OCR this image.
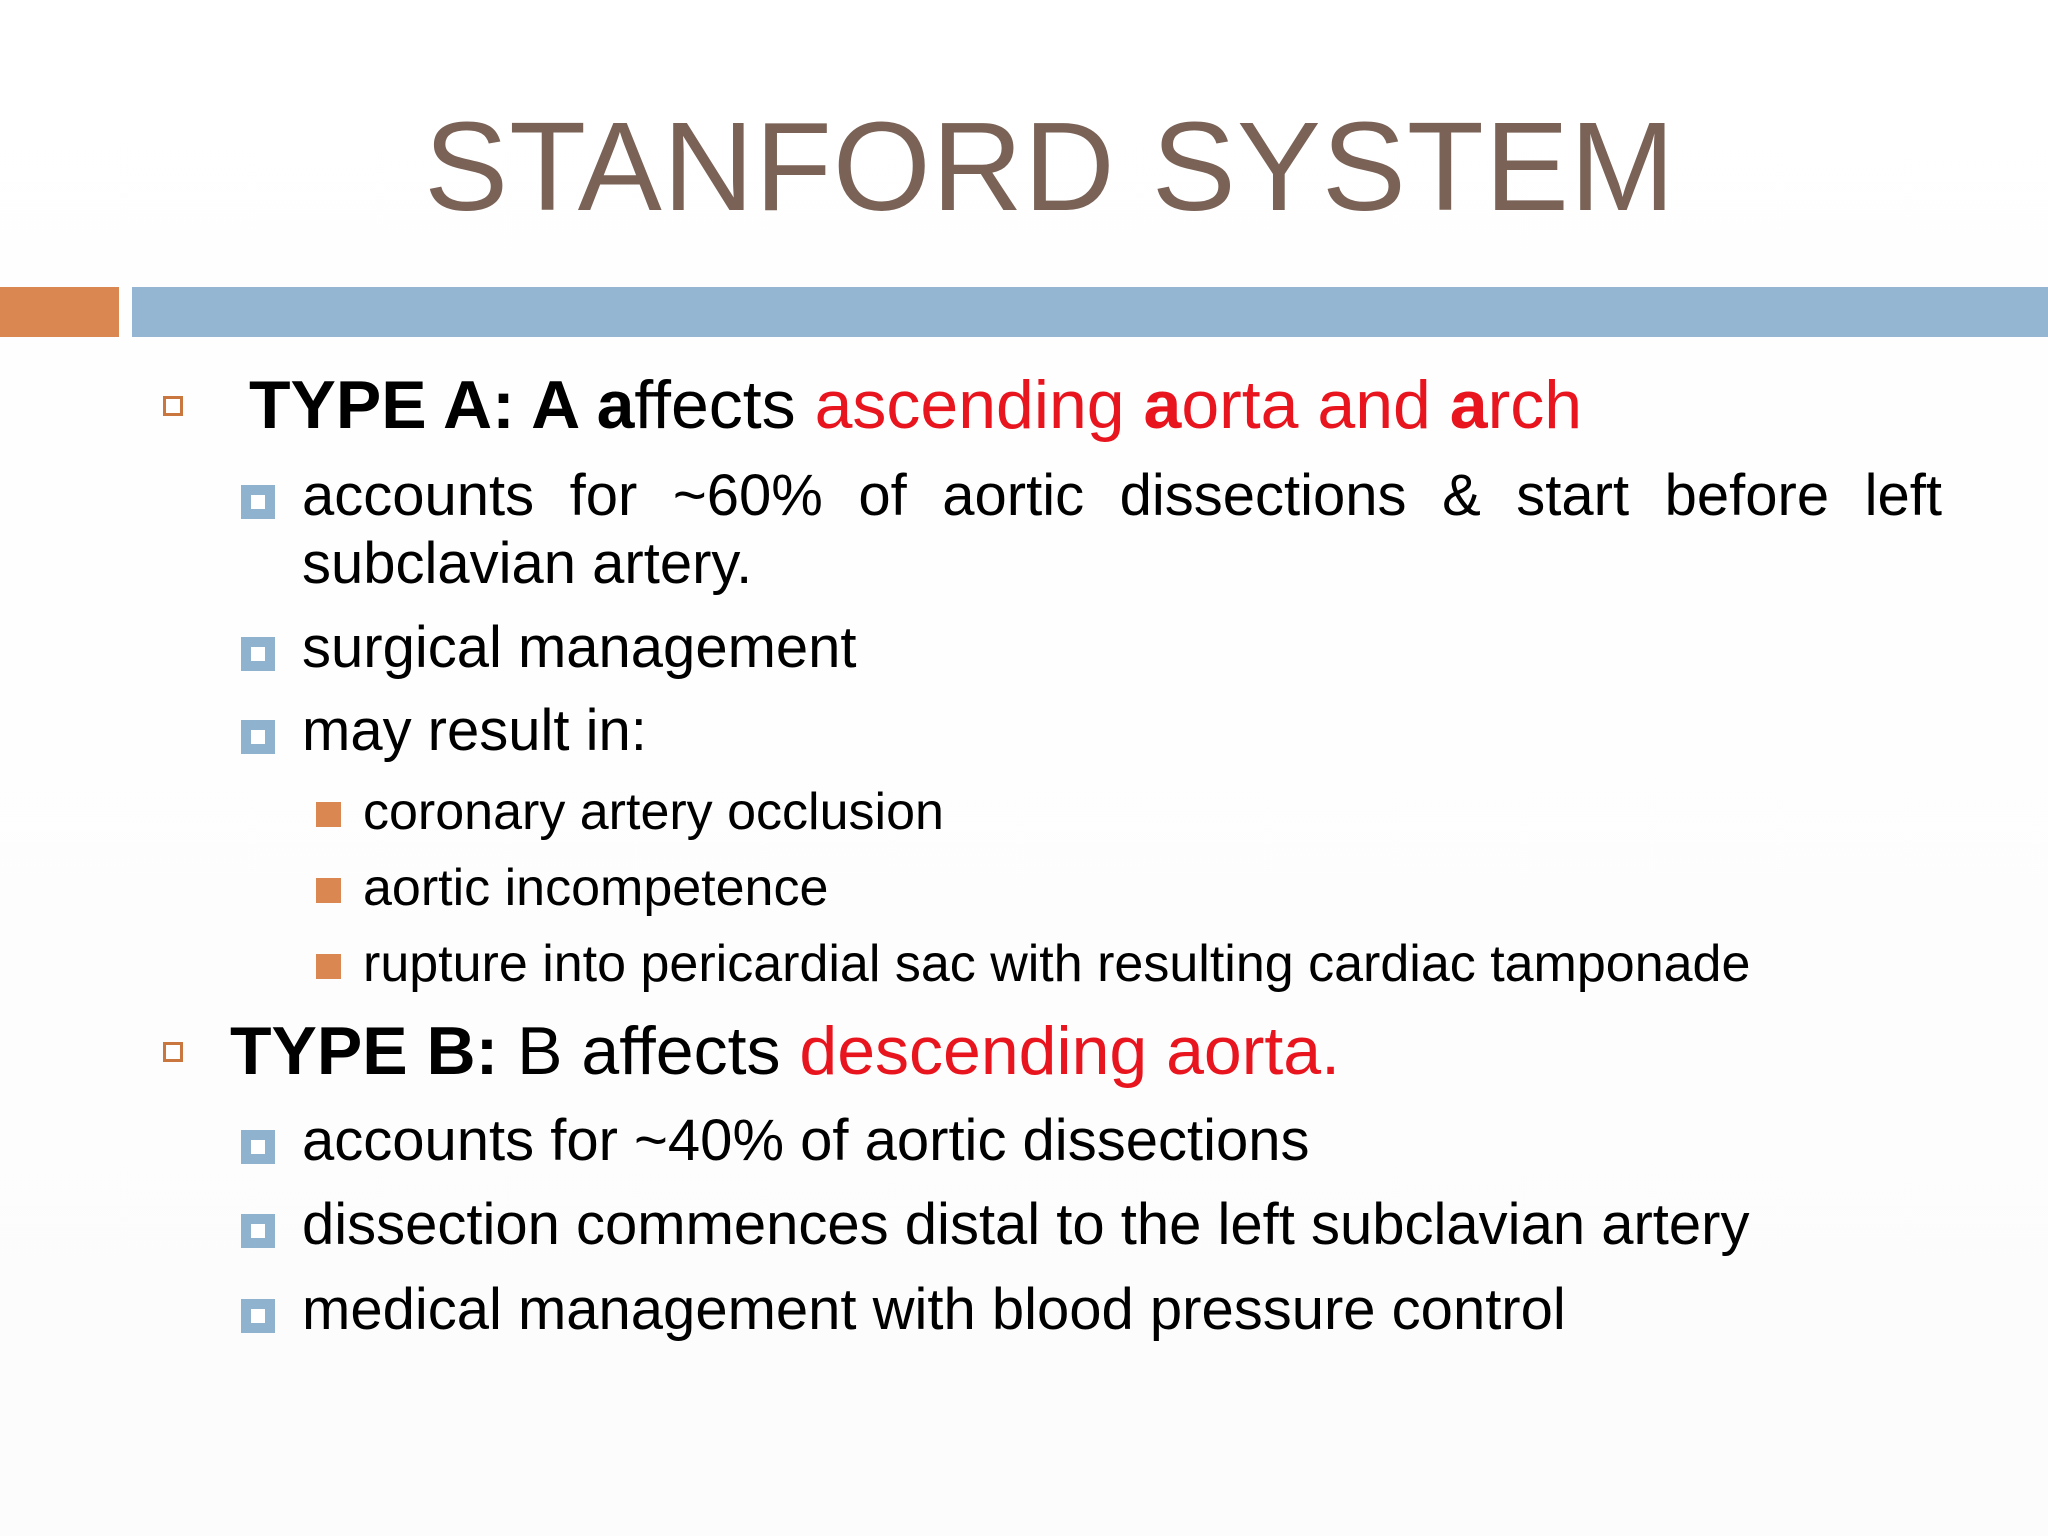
STANFORD SYSTEM
TYPE A: A affects ascending aorta and arch
accounts for ~60% of aortic dissections & start before left
subclavian artery.
surgical management
may result in:
coronary artery occlusion
aortic incompetence
rupture into pericardial sac with resulting cardiac tamponade
TYPE B: B affects descending aorta.
accounts for ~40% of aortic dissections
dissection commences distal to the left subclavian artery
medical management with blood pressure control
